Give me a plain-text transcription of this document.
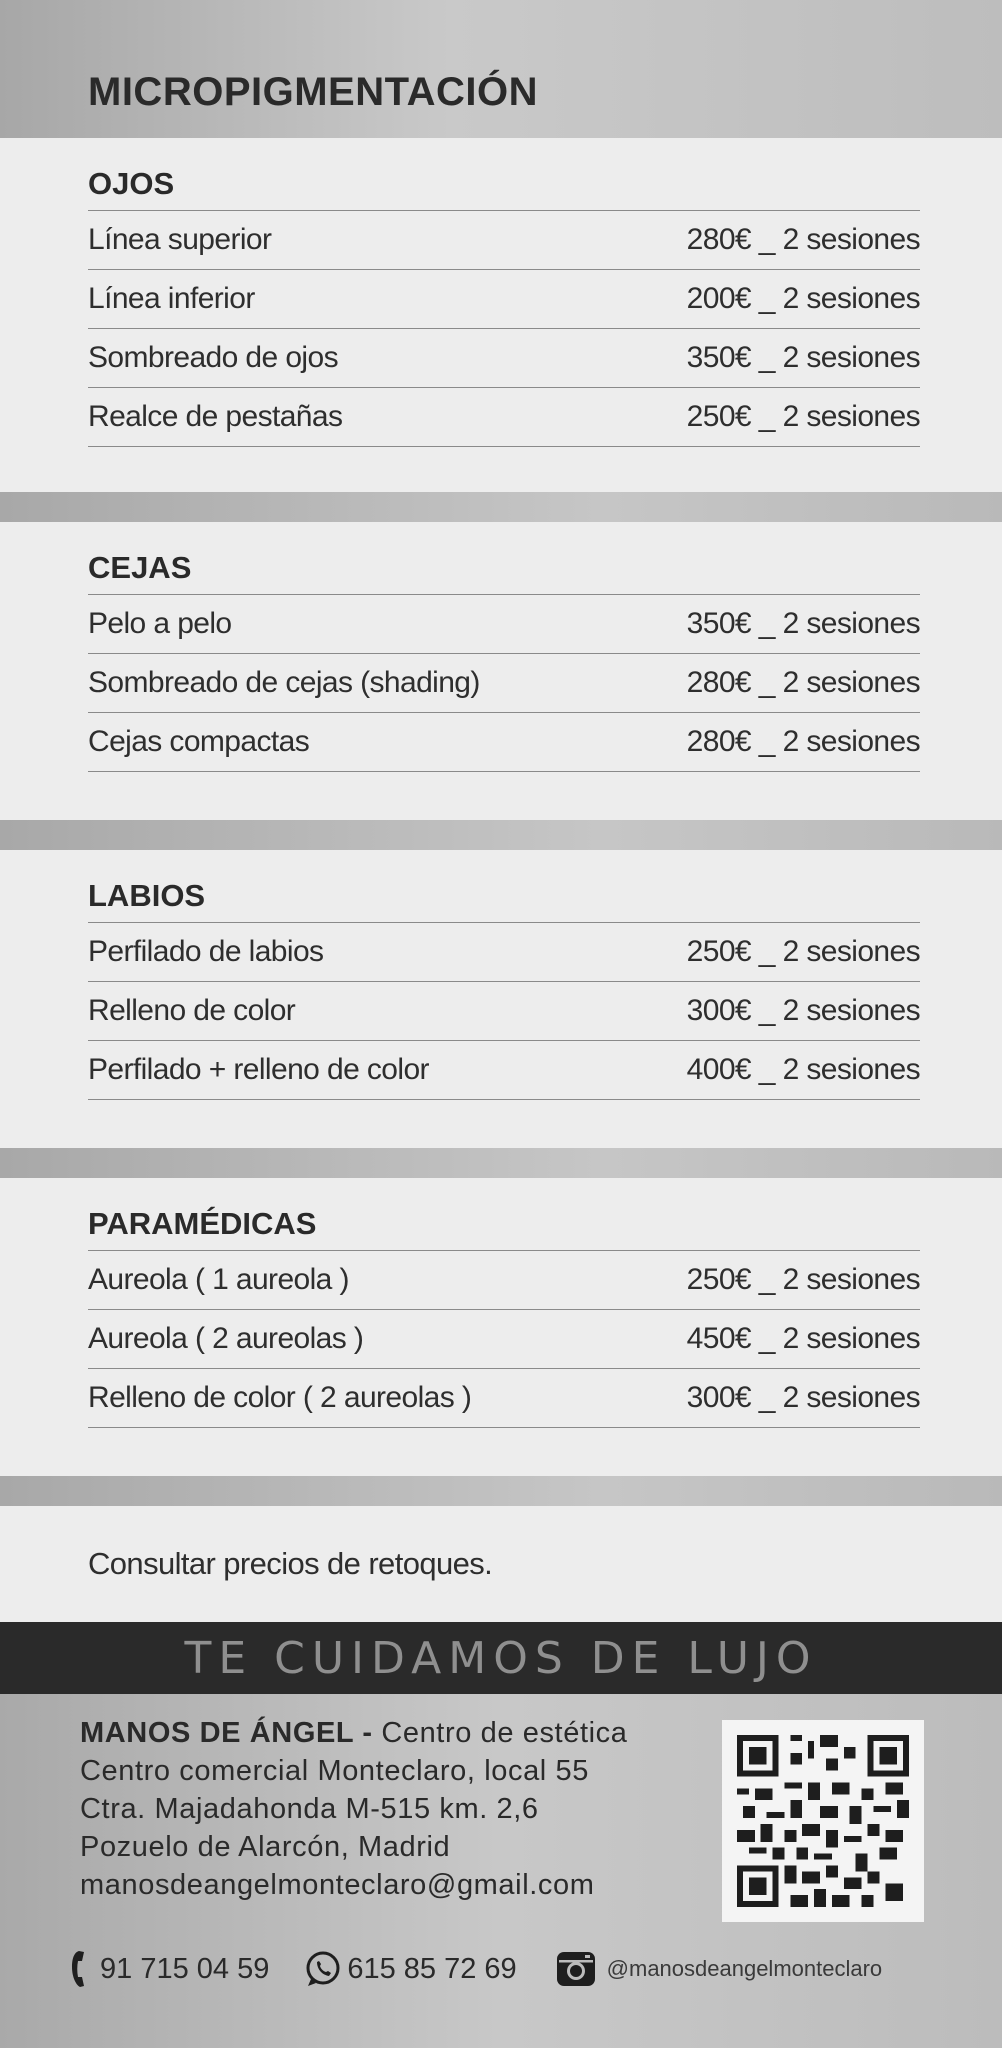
MICROPIGMENTACIÓN
OJOS
Línea superior	280€ _ 2 sesiones
Línea inferior	200€ _ 2 sesiones
Sombreado de ojos	350€ _ 2 sesiones
Realce de pestañas	250€ _ 2 sesiones
CEJAS
Pelo a pelo	350€ _ 2 sesiones
Sombreado de cejas (shading)	280€ _ 2 sesiones
Cejas compactas	280€ _ 2 sesiones
LABIOS
Perfilado de labios	250€ _ 2 sesiones
Relleno de color	300€ _ 2 sesiones
Perfilado + relleno de color	400€ _ 2 sesiones
PARAMÉDICAS
Aureola ( 1 aureola )	250€ _ 2 sesiones
Aureola ( 2 aureolas )	450€ _ 2 sesiones
Relleno de color ( 2 aureolas )	300€ _ 2 sesiones
Consultar precios de retoques.
TE CUIDAMOS DE LUJO
MANOS DE ÁNGEL - Centro de estética
Centro comercial Monteclaro, local 55
Ctra. Majadahonda M-515 km. 2,6
Pozuelo de Alarcón, Madrid
manosdeangelmonteclaro@gmail.com
91 715 04 59	615 85 72 69	@manosdeangelmonteclaro
